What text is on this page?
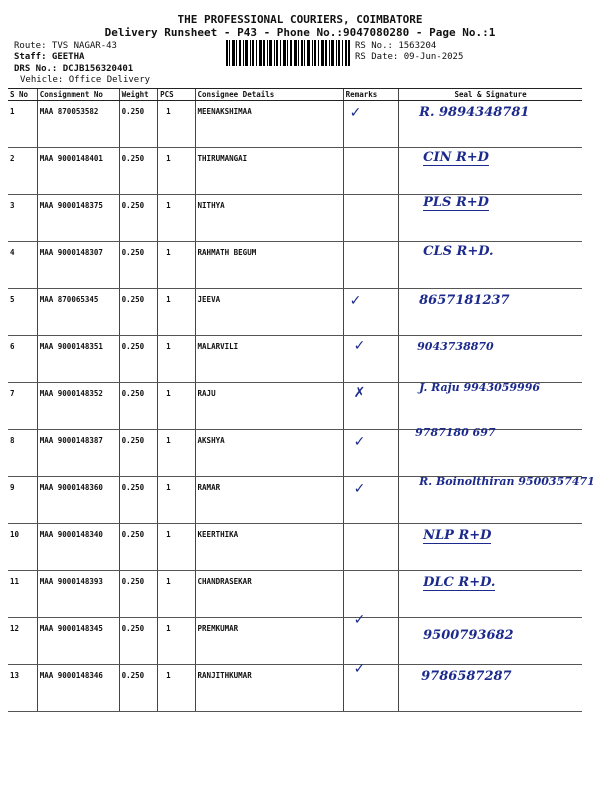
THE PROFESSIONAL COURIERS, COIMBATORE
Delivery Runsheet - P43 - Phone No.:9047080280 - Page No.:1
Route: TVS NAGAR-43
Staff: GEETHA
DRS No.: DCJB156320401
Vehicle: Office Delivery
RS No.: 1563204
RS Date: 09-Jun-2025
S No	Consignment No	Weight	PCS	Consignee Details	Remarks	Seal & Signature
1	MAA 870053582	0.250	1	MEENAKSHIMAA	✓	R. 9894348781

2	MAA 9000148401	0.250	1	THIRUMANGAI		CIN R+D

3	MAA 9000148375	0.250	1	NITHYA		PLS R+D

4	MAA 9000148307	0.250	1	RAHMATH BEGUM		CLS R+D.

5	MAA 870065345	0.250	1	JEEVA	✓	8657181237

6	MAA 9000148351	0.250	1	MALARVILI	✓	9043738870

7	MAA 9000148352	0.250	1	RAJU	✗	J. Raju 9943059996

8	MAA 9000148387	0.250	1	AKSHYA	✓	9787180 697

9	MAA 9000148360	0.250	1	RAMAR	✓	R. Boinolthiran 9500357471

10	MAA 9000148340	0.250	1	KEERTHIKA		NLP R+D

11	MAA 9000148393	0.250	1	CHANDRASEKAR		DLC R+D.

12	MAA 9000148345	0.250	1	PREMKUMAR	✓	9500793682

13	MAA 9000148346	0.250	1	RANJITHKUMAR	✓	9786587287
